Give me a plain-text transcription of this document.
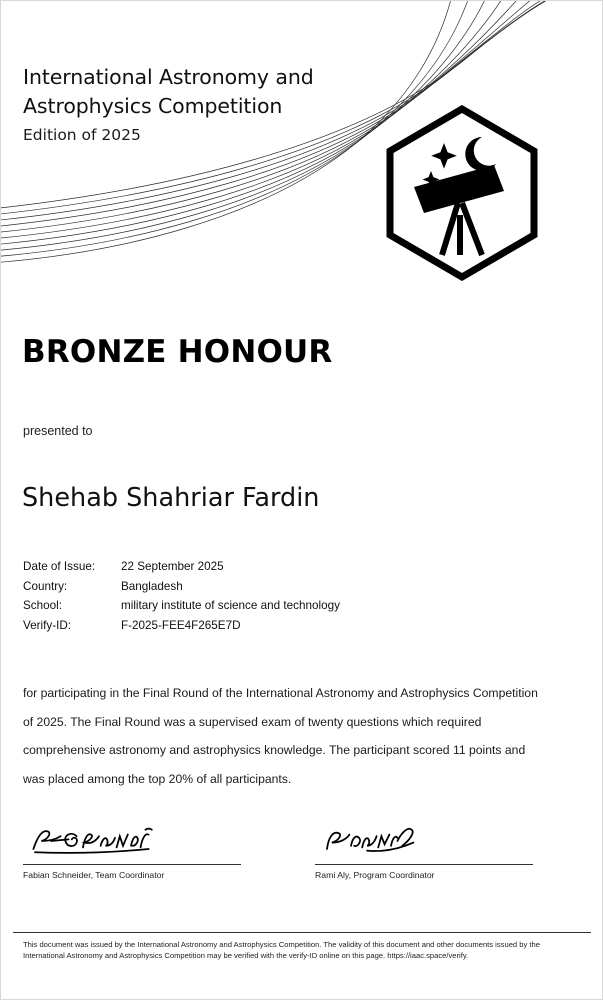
International Astronomy and
Astrophysics Competition
Edition of 2025
BRONZE HONOUR
presented to
Shehab Shahriar Fardin
Date of Issue:	22 September 2025
Country:	Bangladesh
School:	military institute of science and technology
Verify-ID:	F-2025-FEE4F265E7D
for participating in the Final Round of the International Astronomy and Astrophysics Competition of 2025. The Final Round was a supervised exam of twenty questions which required comprehensive astronomy and astrophysics knowledge. The participant scored 11 points and was placed among the top 20% of all participants.
Fabian Schneider, Team Coordinator	Rami Aly, Program Coordinator
This document was issued by the International Astronomy and Astrophysics Competition. The validity of this document and other documents issued by the International Astronomy and Astrophysics Competition may be verified with the verify-ID online on this page. https://iaac.space/verify.
